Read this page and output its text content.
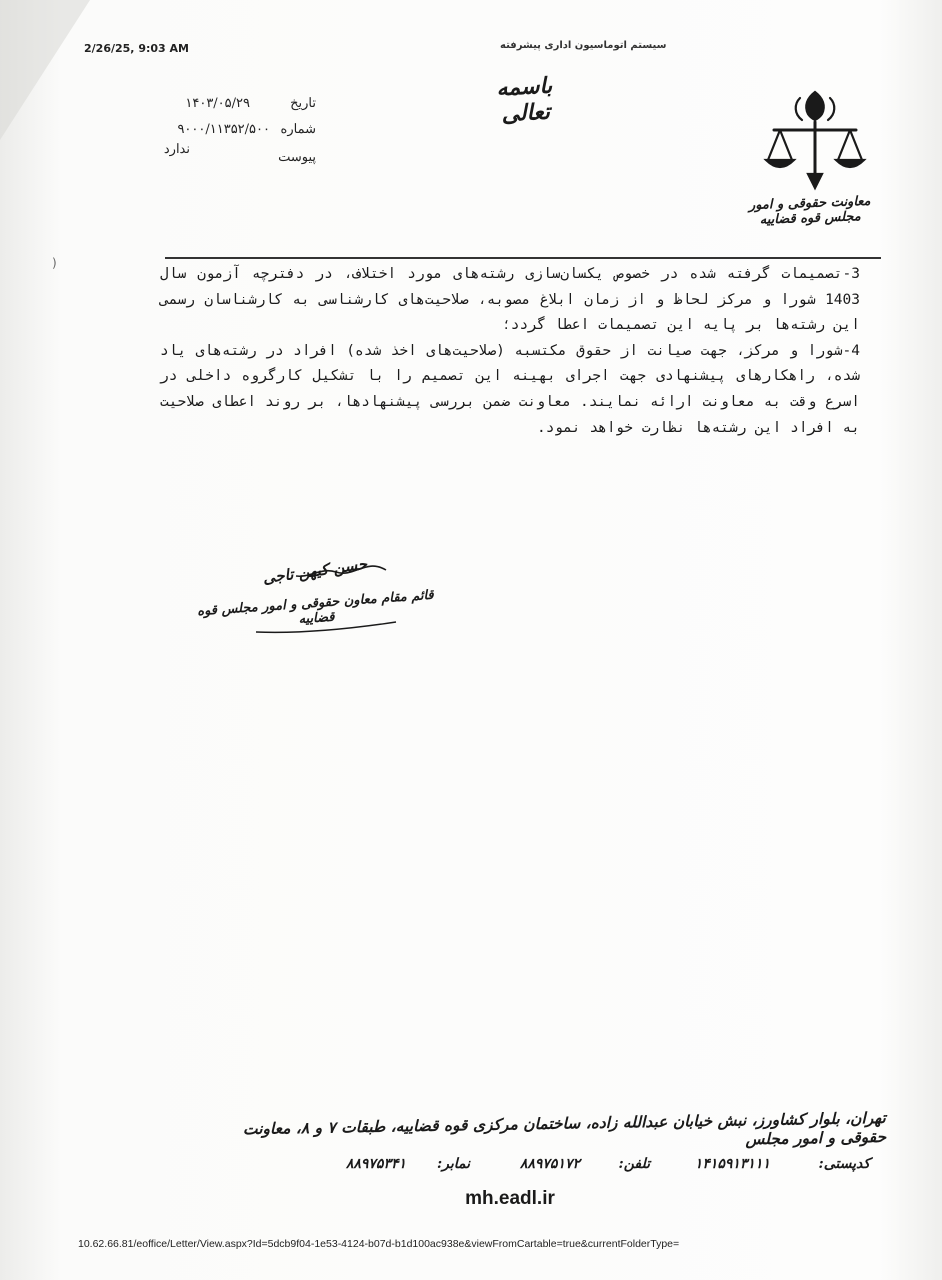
2/26/25, 9:03 AM	سیستم اتوماسیون اداری پیشرفته
باسمه تعالی
تاریخ
۱۴۰۳/۰۵/۲۹
شماره
۹۰۰۰/۱۱۳۵۲/۵۰۰
پیوست
ندارد
معاونت حقوقی و امور مجلس قوه قضاییه
)

3-تصمیمات گرفته شده در خصوص یکسان‌سازی رشته‌های مورد اختلاف، در دفترچه آزمون سال 1403 شورا و مرکز لحاظ و از زمان ابلاغ مصوبه، صلاحیت‌های کارشناسی به کارشناسان رسمی این رشته‌ها بر پایه این تصمیمات اعطا گردد؛

4-شورا و مرکز، جهت صیانت از حقوق مکتسبه (صلاحیت‌های اخذ شده) افراد در رشته‌های یاد شده، راهکارهای پیشنهادی جهت اجرای بهینه این تصمیم را با تشکیل کارگروه داخلی در اسرع وقت به معاونت ارائه نمایند. معاونت ضمن بررسی پیشنهادها، بر روند اعطای صلاحیت به افراد این رشته‌ها نظارت خواهد نمود.

حسن کیهن تاجی
قائم مقام معاون حقوقی و امور مجلس قوه قضاییه
تهران، بلوار کشاورز، نبش خیابان عبدالله زاده، ساختمان مرکزی قوه قضاییه، طبقات ۷ و ۸، معاونت حقوقی و امور مجلس
کدپستی:
۱۴۱۵۹۱۳۱۱۱
تلفن:
۸۸۹۷۵۱۷۲
نمابر:
۸۸۹۷۵۳۴۱
mh.eadl.ir
10.62.66.81/eoffice/Letter/View.aspx?Id=5dcb9f04-1e53-4124-b07d-b1d100ac938e&viewFromCartable=true&currentFolderType=
